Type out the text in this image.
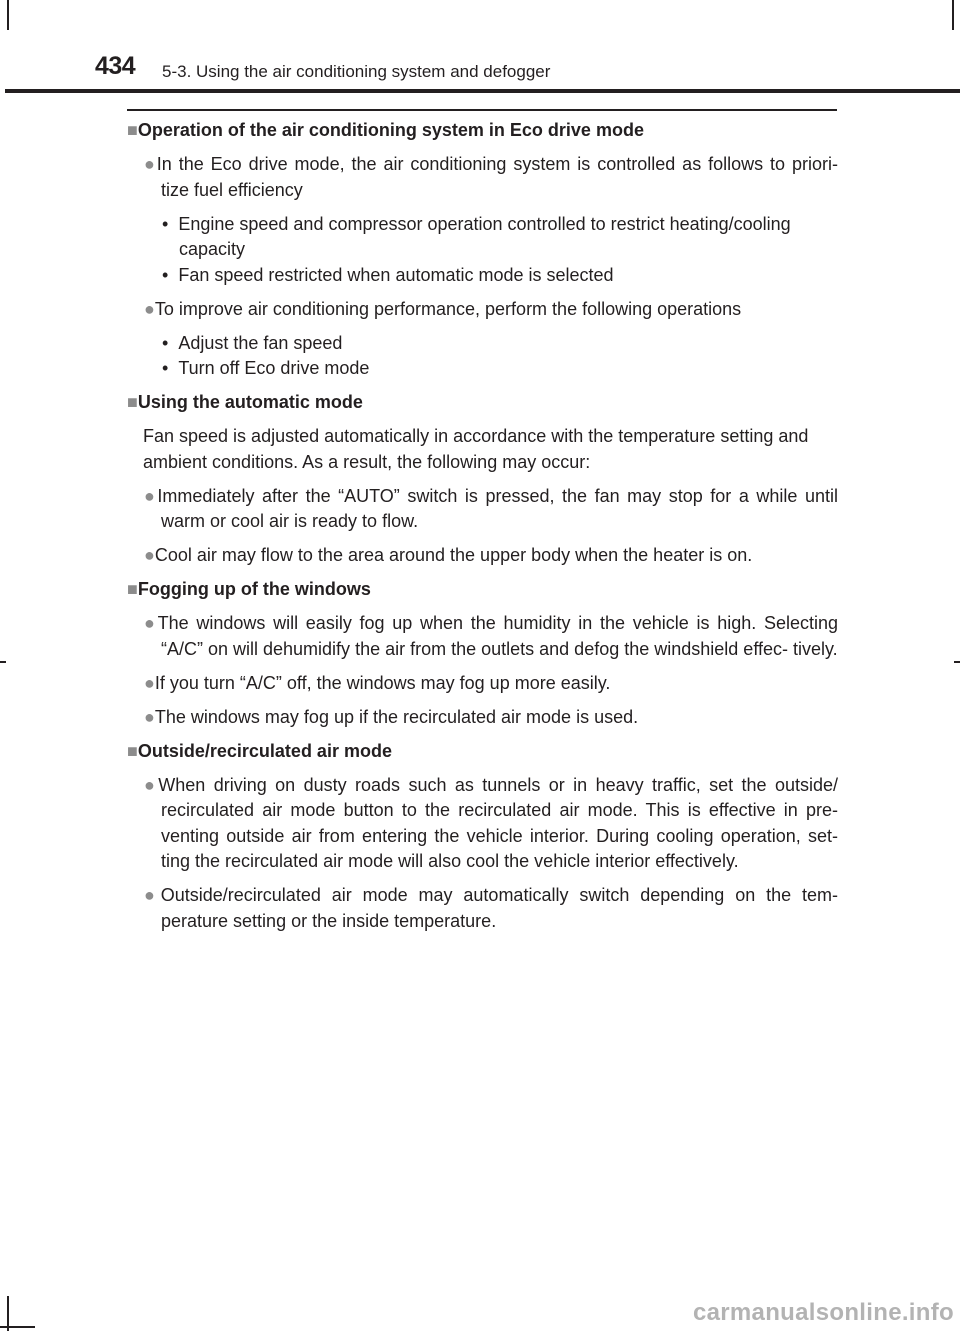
434 5-3. Using the air conditioning system and defogger

■Operation of the air conditioning system in Eco drive mode

●In the Eco drive mode, the air conditioning system is controlled as follows to priori- tize fuel efficiency

• Engine speed and compressor operation controlled to restrict heating/cooling capacity

• Fan speed restricted when automatic mode is selected

●To improve air conditioning performance, perform the following operations

• Adjust the fan speed

• Turn off Eco drive mode

■Using the automatic mode

Fan speed is adjusted automatically in accordance with the temperature setting and ambient conditions. As a result, the following may occur:

●Immediately after the “AUTO” switch is pressed, the fan may stop for a while until warm or cool air is ready to flow.

●Cool air may flow to the area around the upper body when the heater is on.

■Fogging up of the windows

●The windows will easily fog up when the humidity in the vehicle is high. Selecting “A/C” on will dehumidify the air from the outlets and defog the windshield effec- tively.

●If you turn “A/C” off, the windows may fog up more easily.

●The windows may fog up if the recirculated air mode is used.

■Outside/recirculated air mode

●When driving on dusty roads such as tunnels or in heavy traffic, set the outside/ recirculated air mode button to the recirculated air mode. This is effective in pre- venting outside air from entering the vehicle interior. During cooling operation, set- ting the recirculated air mode will also cool the vehicle interior effectively.

●Outside/recirculated air mode may automatically switch depending on the tem- perature setting or the inside temperature.

carmanualsonline.info
